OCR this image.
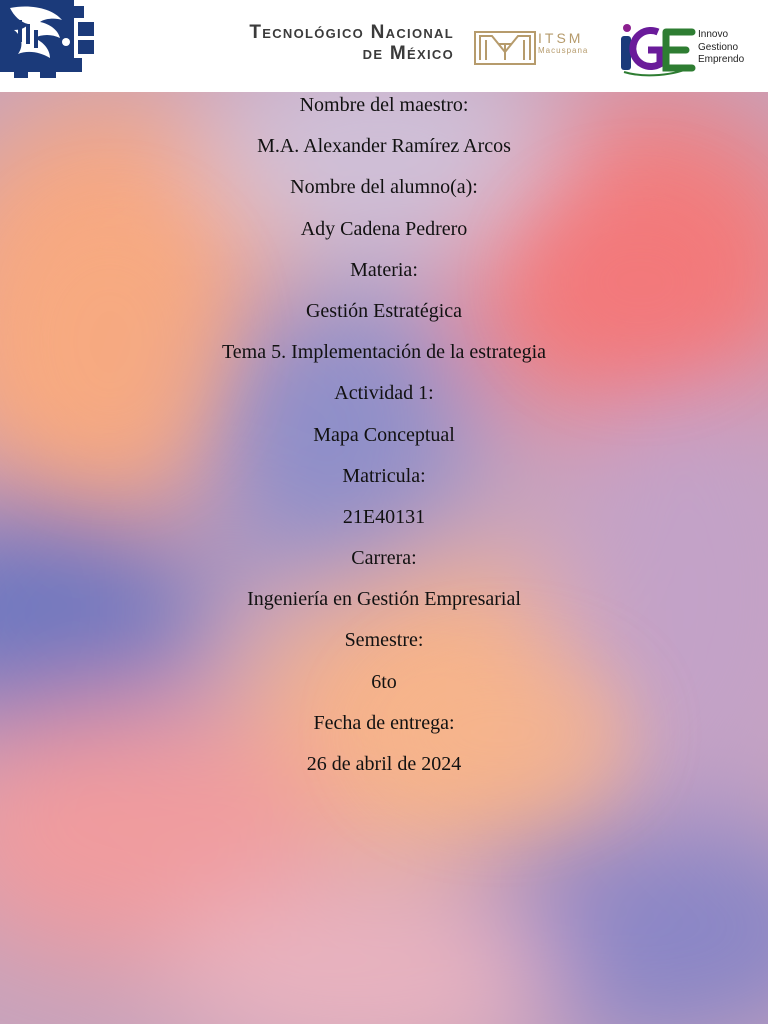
Tecnológico Nacional
de México
ITSM
Macuspana
Innovo
Gestiono
Emprendo
Nombre del maestro:
M.A. Alexander Ramírez Arcos
Nombre del alumno(a):
Ady Cadena Pedrero
Materia:
Gestión Estratégica
Tema 5. Implementación de la estrategia
Actividad 1:
Mapa Conceptual
Matricula:
21E40131
Carrera:
Ingeniería en Gestión Empresarial
Semestre:
6to
Fecha de entrega:
26 de abril de 2024
